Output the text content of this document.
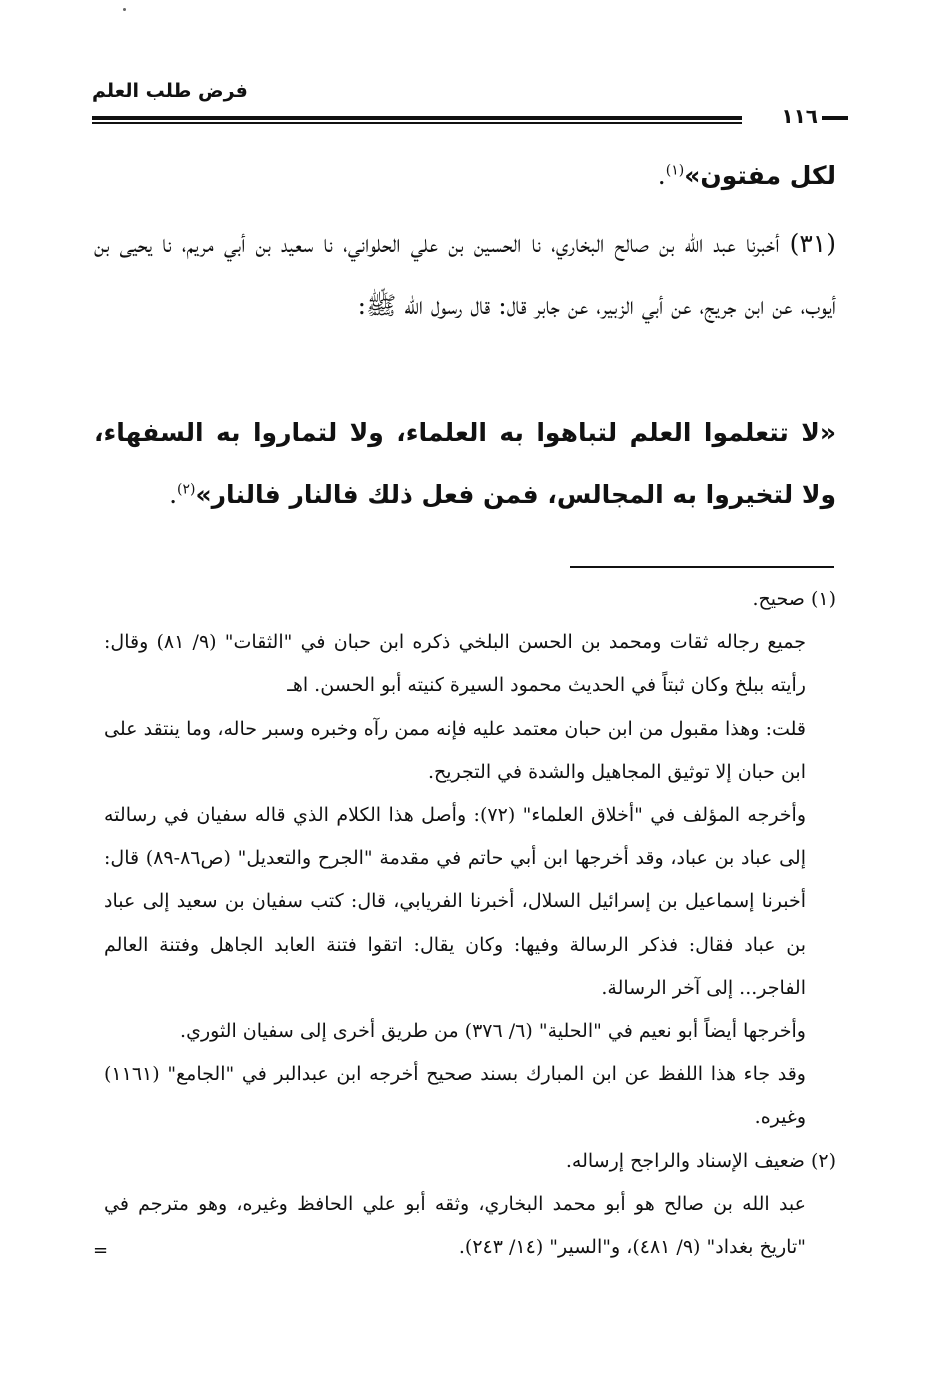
فرض طلب العلم
١١٦
لكل مفتون»$^{(١)}$.
(٣١) أخبرنا عبد الله بن صالح البخاري، نا الحسين بن علي الحلواني، نا سعيد بن أبي مريم، نا يحيى بن أيوب، عن ابن جريج، عن أبي الزبير، عن جابر قال: قال رسول الله ﷺ:
«لا تتعلموا العلم لتباهوا به العلماء، ولا لتماروا به السفهاء، ولا لتخيروا به المجالس، فمن فعل ذلك فالنار فالنار»$^{(٢)}$.

(١) صحيح.

جميع رجاله ثقات ومحمد بن الحسن البلخي ذكره ابن حبان في "الثقات" (٩/ ٨١) وقال: رأيته ببلخ وكان ثبتاً في الحديث محمود السيرة كنيته أبو الحسن. اهـ

قلت: وهذا مقبول من ابن حبان معتمد عليه فإنه ممن رآه وخبره وسبر حاله، وما ينتقد على ابن حبان إلا توثيق المجاهيل والشدة في التجريح.

وأخرجه المؤلف في "أخلاق العلماء" (٧٢): وأصل هذا الكلام الذي قاله سفيان في رسالته إلى عباد بن عباد، وقد أخرجها ابن أبي حاتم في مقدمة "الجرح والتعديل" (ص٨٦-٨٩) قال: أخبرنا إسماعيل بن إسرائيل السلال، أخبرنا الفريابي، قال: كتب سفيان بن سعيد إلى عباد بن عباد فقال: فذكر الرسالة وفيها: وكان يقال: اتقوا فتنة العابد الجاهل وفتنة العالم الفاجر... إلى آخر الرسالة.

وأخرجها أيضاً أبو نعيم في "الحلية" (٦/ ٣٧٦) من طريق أخرى إلى سفيان الثوري.

وقد جاء هذا اللفظ عن ابن المبارك بسند صحيح أخرجه ابن عبدالبر في "الجامع" (١١٦١) وغيره.

(٢) ضعيف الإسناد والراجح إرساله.

عبد الله بن صالح هو أبو محمد البخاري، وثقه أبو علي الحافظ وغيره، وهو مترجم في "تاريخ بغداد" (٩/ ٤٨١)، و"السير" (١٤/ ٢٤٣).

=
